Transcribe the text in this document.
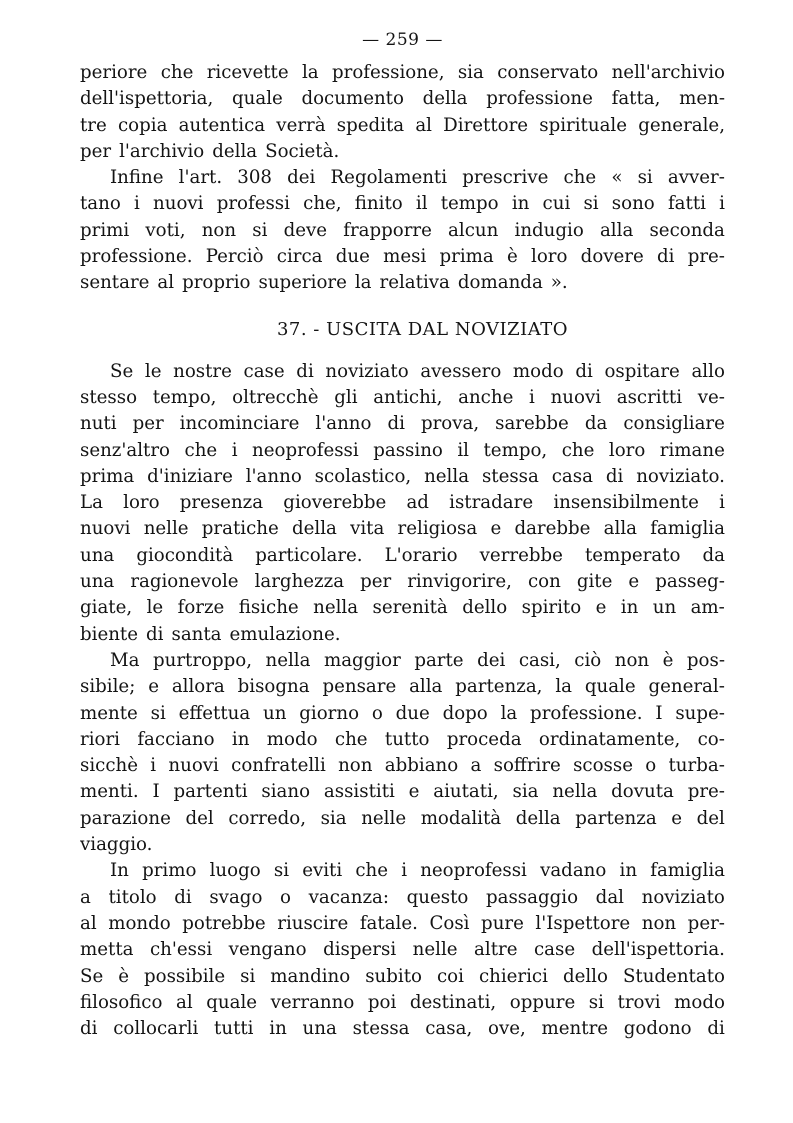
— 259 —
periore che ricevette la professione, sia conservato nell'archivio
dell'ispettoria, quale documento della professione fatta, men-
tre copia autentica verrà spedita al Direttore spirituale generale,
per l'archivio della Società.
Infine l'art. 308 dei Regolamenti prescrive che « si avver-
tano i nuovi professi che, finito il tempo in cui si sono fatti i
primi voti, non si deve frapporre alcun indugio alla seconda
professione. Perciò circa due mesi prima è loro dovere di pre-
sentare al proprio superiore la relativa domanda ».
37. - USCITA DAL NOVIZIATO
Se le nostre case di noviziato avessero modo di ospitare allo
stesso tempo, oltrecchè gli antichi, anche i nuovi ascritti ve-
nuti per incominciare l'anno di prova, sarebbe da consigliare
senz'altro che i neoprofessi passino il tempo, che loro rimane
prima d'iniziare l'anno scolastico, nella stessa casa di noviziato.
La loro presenza gioverebbe ad istradare insensibilmente i
nuovi nelle pratiche della vita religiosa e darebbe alla famiglia
una giocondità particolare. L'orario verrebbe temperato da
una ragionevole larghezza per rinvigorire, con gite e passeg-
giate, le forze fisiche nella serenità dello spirito e in un am-
biente di santa emulazione.
Ma purtroppo, nella maggior parte dei casi, ciò non è pos-
sibile; e allora bisogna pensare alla partenza, la quale general-
mente si effettua un giorno o due dopo la professione. I supe-
riori facciano in modo che tutto proceda ordinatamente, co-
sicchè i nuovi confratelli non abbiano a soffrire scosse o turba-
menti. I partenti siano assistiti e aiutati, sia nella dovuta pre-
parazione del corredo, sia nelle modalità della partenza e del
viaggio.
In primo luogo si eviti che i neoprofessi vadano in famiglia
a titolo di svago o vacanza: questo passaggio dal noviziato
al mondo potrebbe riuscire fatale. Così pure l'Ispettore non per-
metta ch'essi vengano dispersi nelle altre case dell'ispettoria.
Se è possibile si mandino subito coi chierici dello Studentato
filosofico al quale verranno poi destinati, oppure si trovi modo
di collocarli tutti in una stessa casa, ove, mentre godono di
